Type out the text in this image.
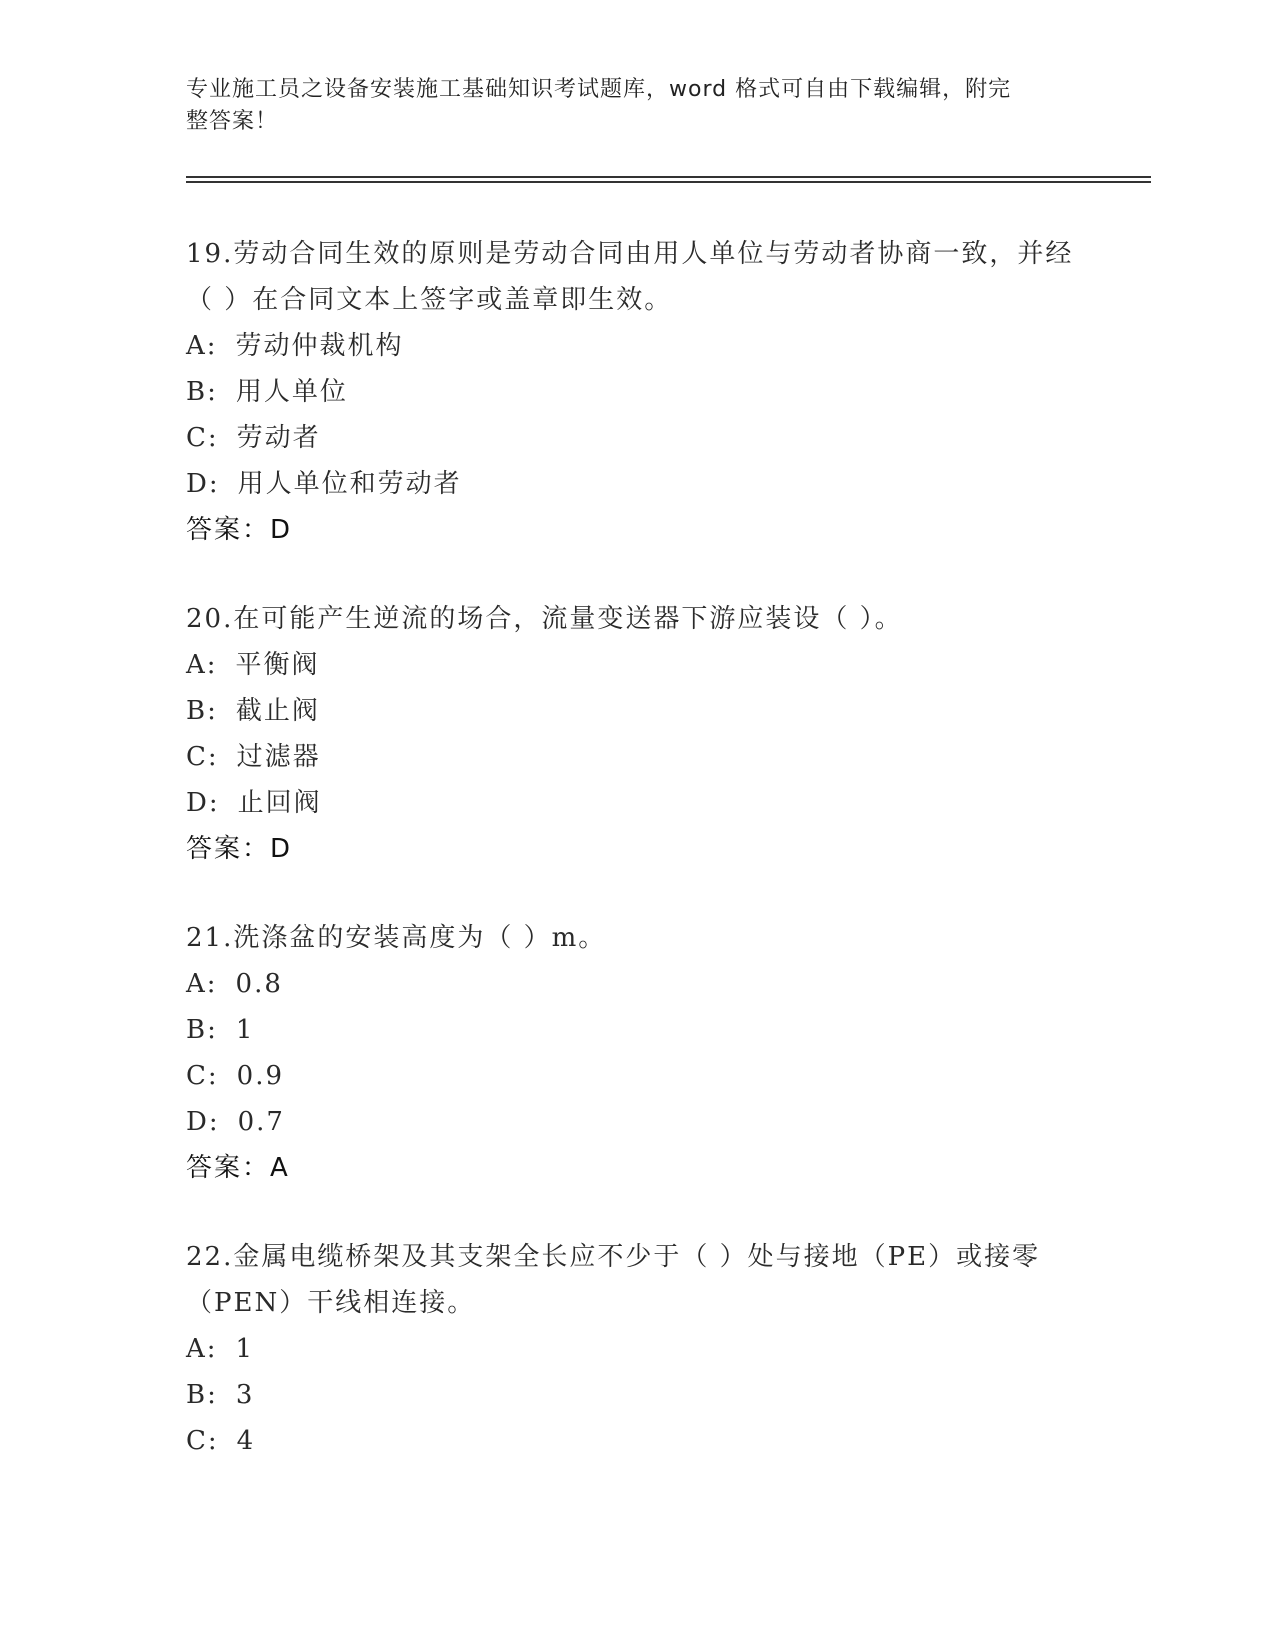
专业施工员之设备安装施工基础知识考试题库，word 格式可自由下载编辑，附完
整答案！
19.劳动合同生效的原则是劳动合同由用人单位与劳动者协商一致，并经（ ）在合同文本上签字或盖章即生效。
A: 劳动仲裁机构
B: 用人单位
C: 劳动者
D: 用人单位和劳动者
答案：D
20.在可能产生逆流的场合，流量变送器下游应装设（ ）。
A: 平衡阀
B: 截止阀
C: 过滤器
D: 止回阀
答案：D
21.洗涤盆的安装高度为（ ）m。
A: 0.8
B: 1
C: 0.9
D: 0.7
答案：A
22.金属电缆桥架及其支架全长应不少于（ ）处与接地（PE）或接零（PEN）干线相连接。
A: 1
B: 3
C: 4
